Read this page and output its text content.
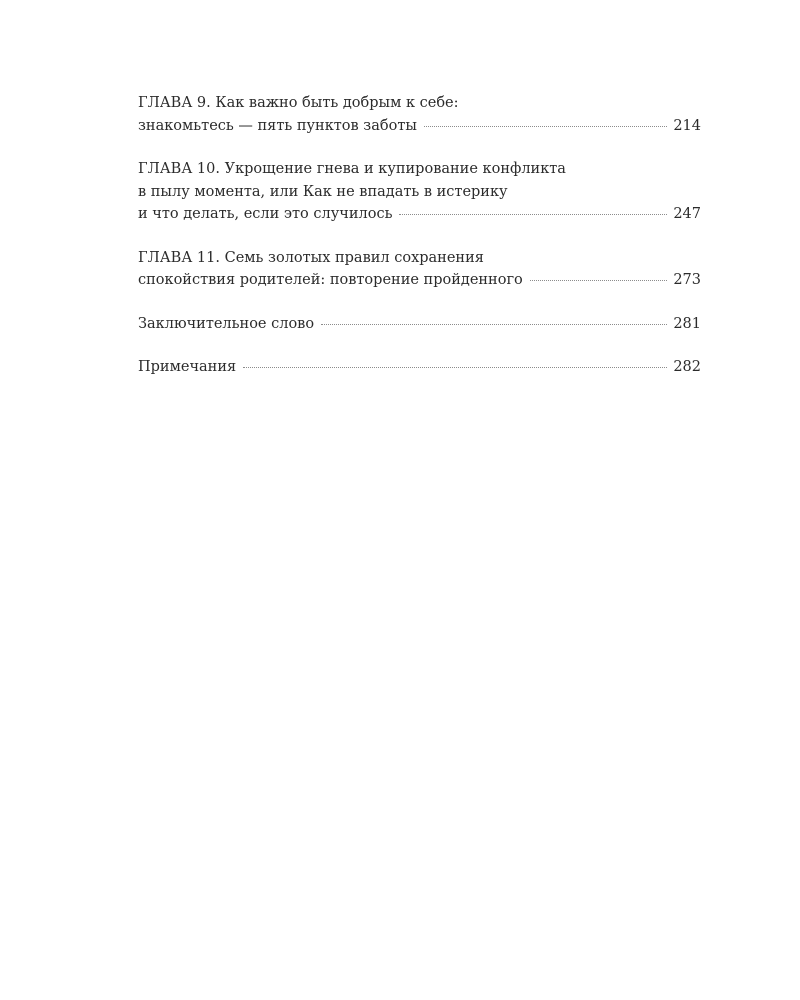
ГЛАВА 9. Как важно быть добрым к себе:
знакомьтесь — пять пунктов заботы	214
ГЛАВА 10. Укрощение гнева и купирование конфликта
в пылу момента, или Как не впадать в истерику
и что делать, если это случилось	247
ГЛАВА 11. Семь золотых правил сохранения
спокойствия родителей: повторение пройденного	273
Заключительное слово	281
Примечания	282
